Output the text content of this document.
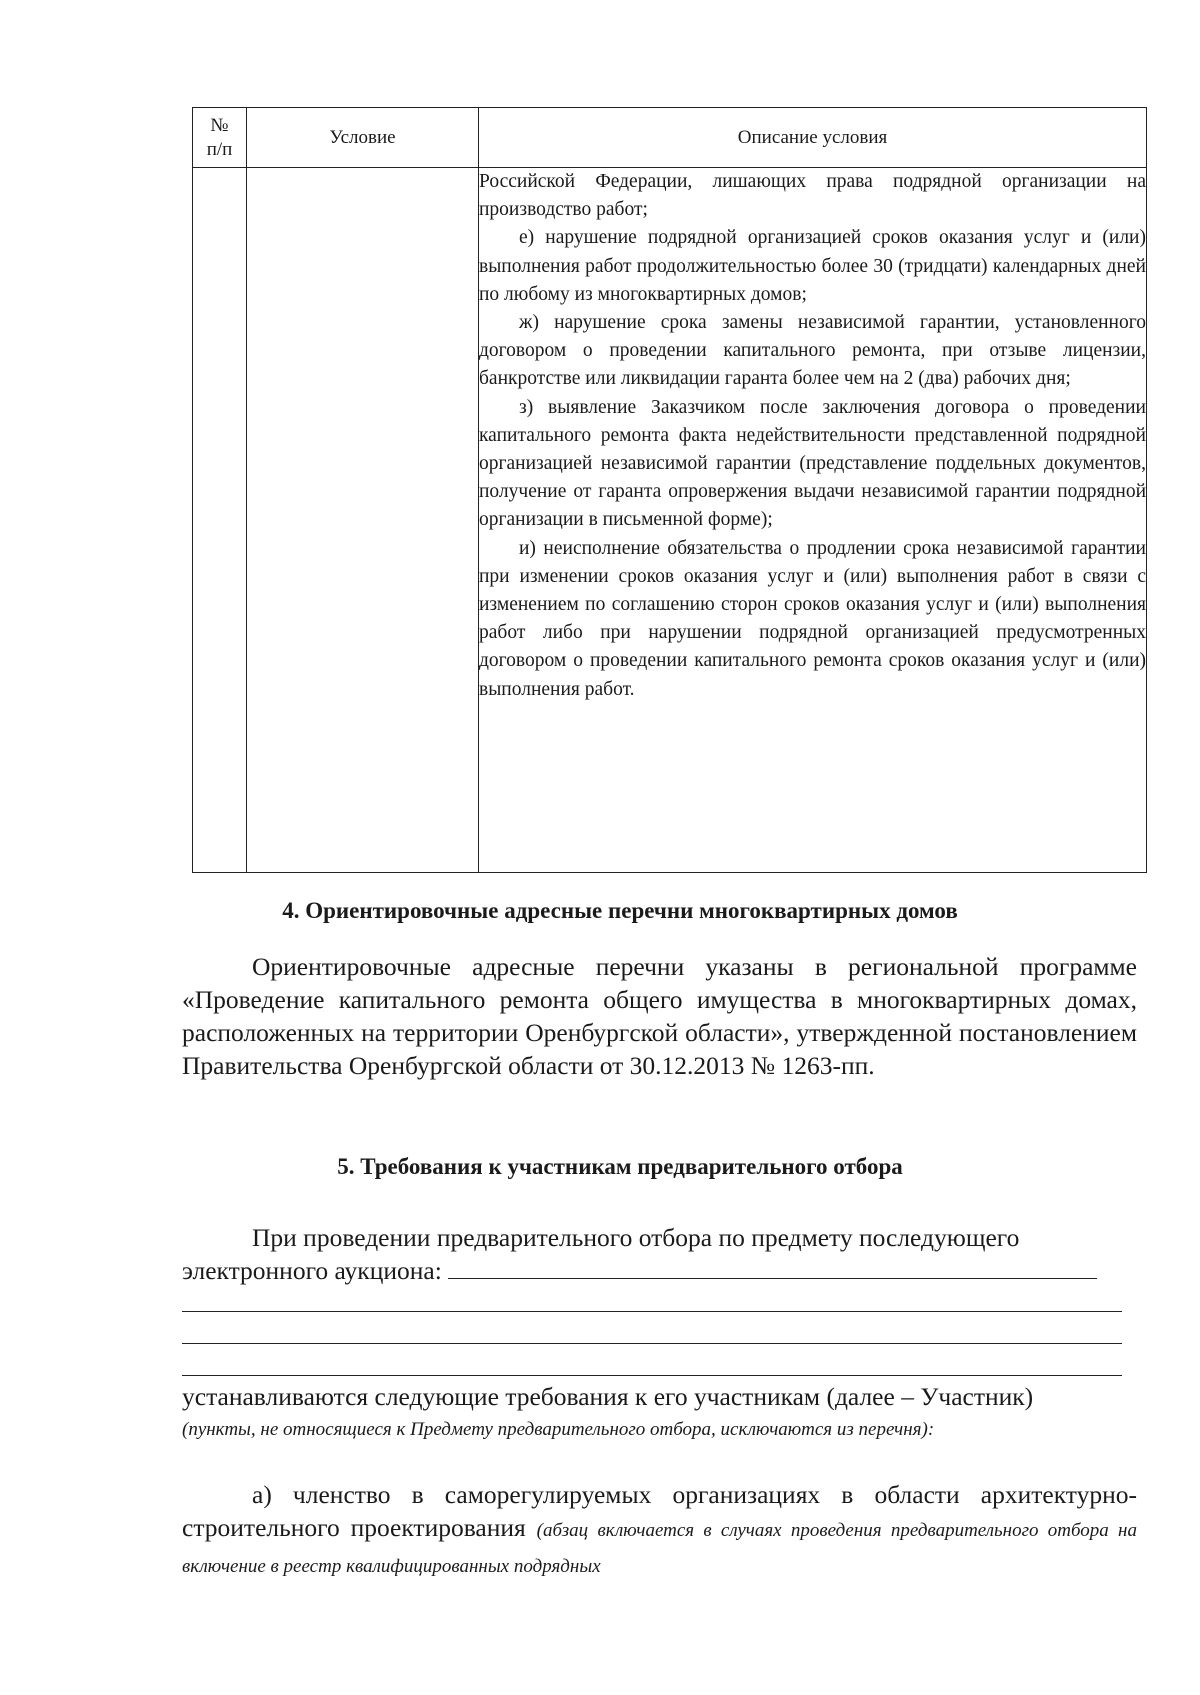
№
п/п	Условие	Описание условия

		Российской Федерации, лишающих права подрядной организации на производство работ;

е) нарушение подрядной организацией сроков оказания услуг и (или) выполнения работ продолжительностью более 30 (тридцати) календарных дней по любому из многоквартирных домов;

ж) нарушение срока замены независимой гарантии, установленного договором о проведении капитального ремонта, при отзыве лицензии, банкротстве или ликвидации гаранта более чем на 2 (два) рабочих дня;

з) выявление Заказчиком после заключения договора о проведении капитального ремонта факта недействительности представленной подрядной организацией независимой гарантии (представление поддельных документов, получение от гаранта опровержения выдачи независимой гарантии подрядной организации в письменной форме);

и) неисполнение обязательства о продлении срока независимой гарантии при изменении сроков оказания услуг и (или) выполнения работ в связи с изменением по соглашению сторон сроков оказания услуг и (или) выполнения работ либо при нарушении подрядной организацией предусмотренных договором о проведении капитального ремонта сроков оказания услуг и (или) выполнения работ.

4. Ориентировочные адресные перечни многоквартирных домов

Ориентировочные адресные перечни указаны в региональной программе «Проведение капитального ремонта общего имущества в многоквартирных домах, расположенных на территории Оренбургской области», утвержденной постановлением Правительства Оренбургской области от 30.12.2013 № 1263-пп.

5. Требования к участникам предварительного отбора

При проведении предварительного отбора по предмету последующего

электронного аукциона:

устанавливаются следующие требования к его участникам (далее – Участник)

(пункты, не относящиеся к Предмету предварительного отбора, исключаются из перечня):

а) членство в саморегулируемых организациях в области архитектурно-строительного проектирования (абзац включается в случаях проведения предварительного отбора на включение в реестр квалифицированных подрядных
